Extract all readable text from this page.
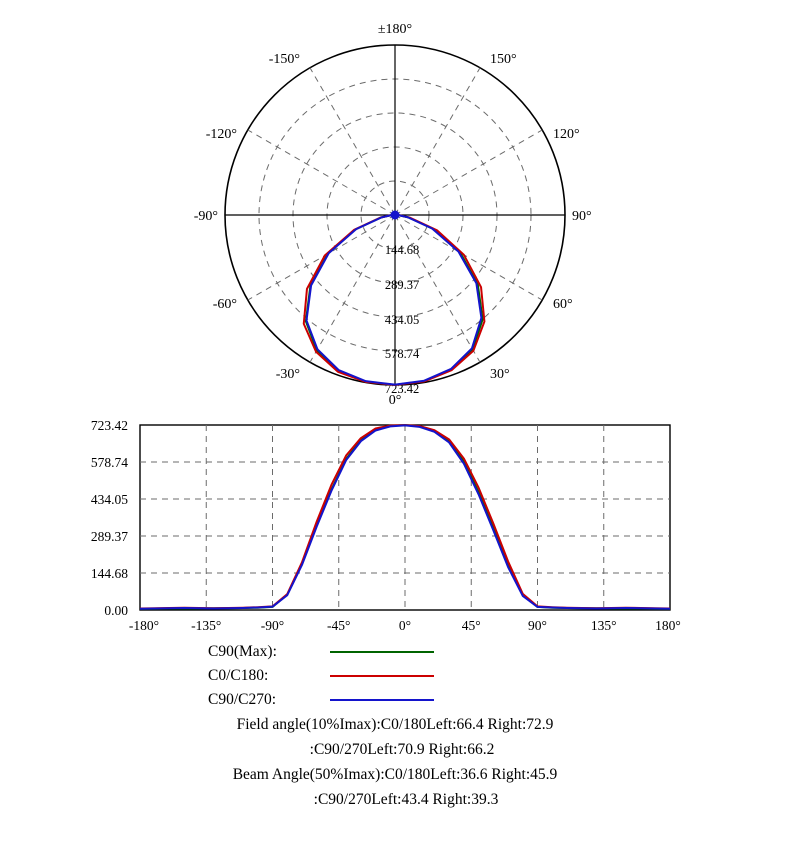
±180°
-150°	150°
-120°	120°
-90°	90°
-60°	60°
-30°	30°
0°
144.68
289.37
434.05
578.74
723.42
723.42
578.74
434.05
289.37
144.68
0.00
-180° -135°	-90°	-45°	0°	45°	90°	135°	180°
C90(Max):
C0/C180:
C90/C270:
Field angle(10%Imax):C0/180Left:66.4 Right:72.9
:C90/270Left:70.9 Right:66.2
Beam Angle(50%Imax):C0/180Left:36.6 Right:45.9
:C90/270Left:43.4 Right:39.3
